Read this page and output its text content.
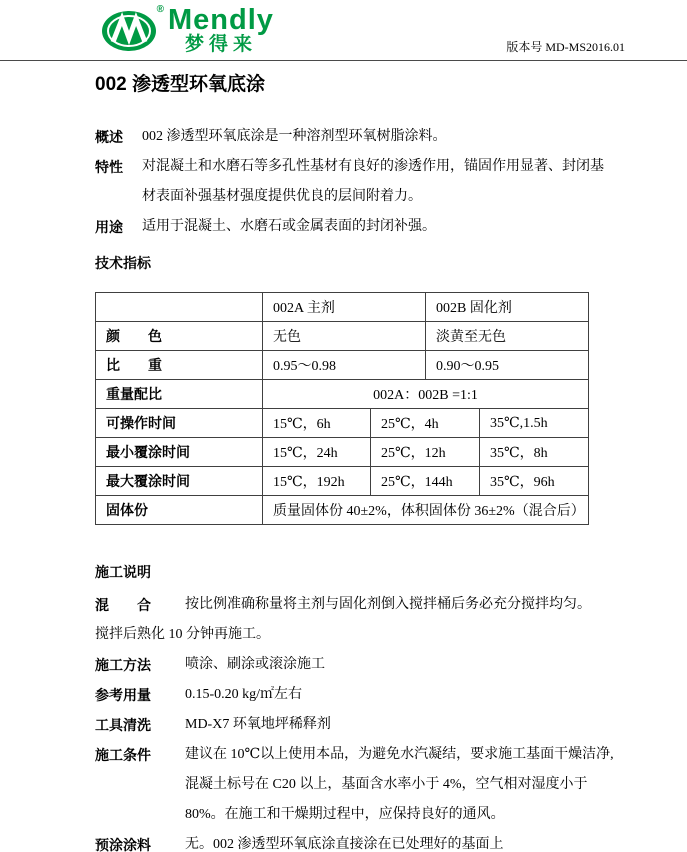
® Mendly
梦得来	版本号 MD-MS2016.01
002 渗透型环氧底涂
概述	002 渗透型环氧底涂是一种溶剂型环氧树脂涂料。
特性	对混凝土和水磨石等多孔性基材有良好的渗透作用，锚固作用显著、封闭基材表面补强基材强度提供优良的层间附着力。
用途	适用于混凝土、水磨石或金属表面的封闭补强。
技术指标
	002A 主剂		002B 固化剂	
颜　　色	无色		淡黄至无色	
比　　重	0.95～0.98		0.90～0.95	
重量配比	002A：002B =1:1			
可操作时间	15℃，6h	25℃，4h		35℃,1.5h
最小覆涂时间	15℃，24h	25℃，12h		35℃，8h
最大覆涂时间	15℃，192h	25℃，144h		35℃，96h
固体份	质量固体份 40±2%，体积固体份 36±2%（混合后）			
施工说明
混　　合	按比例准确称量将主剂与固化剂倒入搅拌桶后务必充分搅拌均匀。
搅拌后熟化 10 分钟再施工。
施工方法	喷涂、刷涂或滚涂施工
参考用量	0.15-0.20 kg/㎡左右
工具清洗	MD-X7 环氧地坪稀释剂
施工条件	建议在 10℃以上使用本品，为避免水汽凝结，要求施工基面干燥洁净,混凝土标号在 C20 以上，基面含水率小于 4%，空气相对湿度小于 80%。在施工和干燥期过程中，应保持良好的通风。
预涂涂料	无。002 渗透型环氧底涂直接涂在已处理好的基面上
